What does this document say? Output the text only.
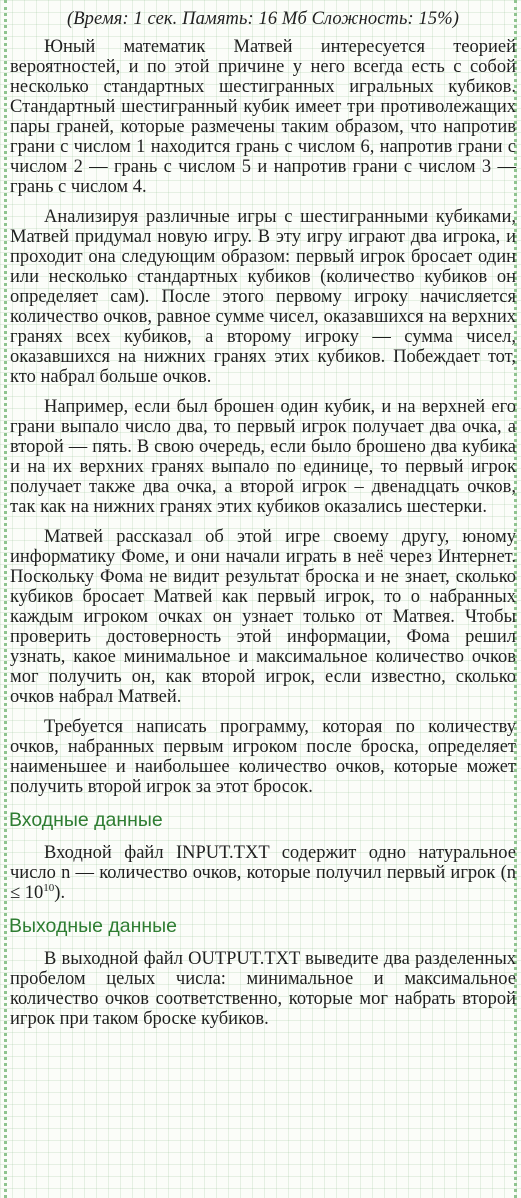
(Время: 1 сек. Память: 16 Мб Сложность: 15%)

Юный математик Матвей интересуется теорией вероятностей, и по этой причине у него всегда есть с собой несколько стандартных шестигранных игральных кубиков. Стандартный шестигранный кубик имеет три противолежащих пары граней, которые размечены таким образом, что напротив грани с числом 1 находится грань с числом 6, напротив грани с числом 2 — грань с числом 5 и напротив грани с числом 3 — грань с числом 4.

Анализируя различные игры с шестигранными кубиками, Матвей придумал новую игру. В эту игру играют два игрока, и проходит она следующим образом: первый игрок бросает один или несколько стандартных кубиков (количество кубиков он определяет сам). После этого первому игроку начисляется количество очков, равное сумме чисел, оказавшихся на верхних гранях всех кубиков, а второму игроку — сумма чисел, оказавшихся на нижних гранях этих кубиков. Побеждает тот, кто набрал больше очков.

Например, если был брошен один кубик, и на верхней его грани выпало число два, то первый игрок получает два очка, а второй — пять. В свою очередь, если было брошено два кубика и на их верхних гранях выпало по единице, то первый игрок получает также два очка, а второй игрок – двенадцать очков, так как на нижних гранях этих кубиков оказались шестерки.

Матвей рассказал об этой игре своему другу, юному информатику Фоме, и они начали играть в неё через Интернет. Поскольку Фома не видит результат броска и не знает, сколько кубиков бросает Матвей как первый игрок, то о набранных каждым игроком очках он узнает только от Матвея. Чтобы проверить достоверность этой информации, Фома решил узнать, какое минимальное и максимальное количество очков мог получить он, как второй игрок, если известно, сколько очков набрал Матвей.

Требуется написать программу, которая по количеству очков, набранных первым игроком после броска, определяет наименьшее и наибольшее количество очков, которые может получить второй игрок за этот бросок.

Входные данные

Входной файл INPUT.TXT содержит одно натуральное число n — количество очков, которые получил первый игрок $(n \le 10^{10})$.

Выходные данные

В выходной файл OUTPUT.TXT выведите два разделенных пробелом целых числа: минимальное и максимальное количество очков соответственно, которые мог набрать второй игрок при таком броске кубиков.
